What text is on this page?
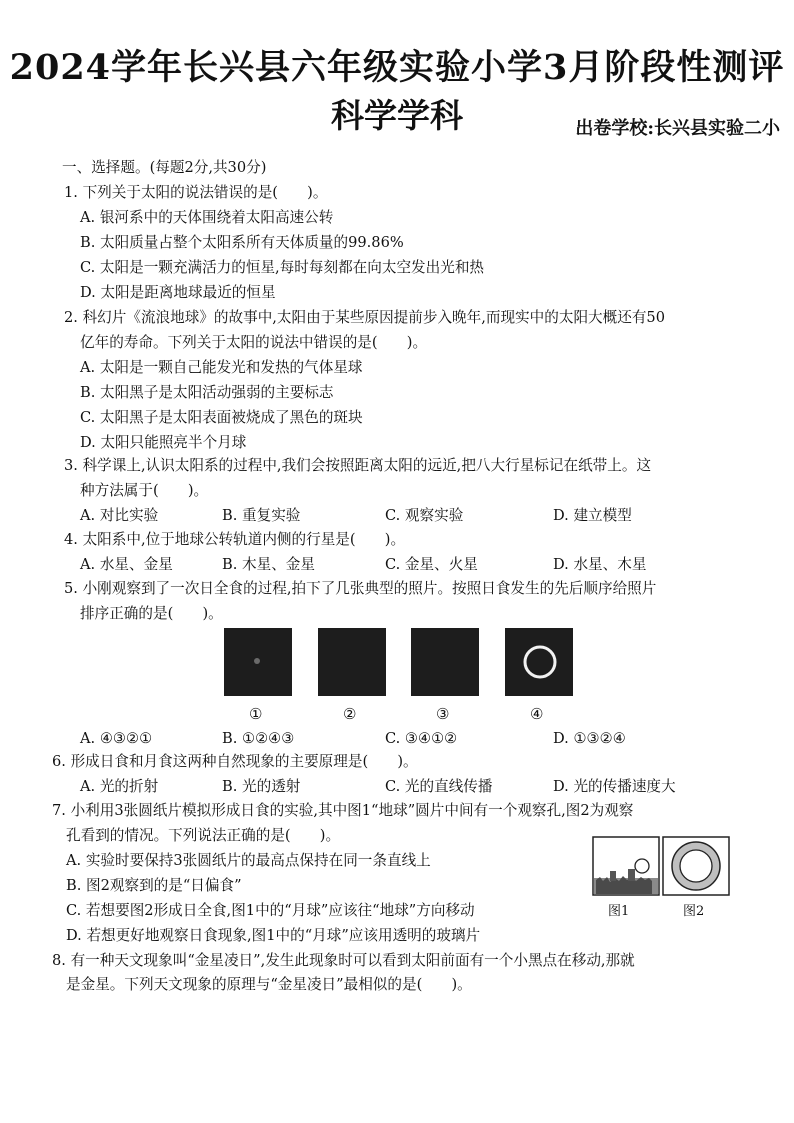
2024学年长兴县六年级实验小学3月阶段性测评
科学学科	出卷学校:长兴县实验二小
一、选择题。(每题2分,共30分)
1. 下列关于太阳的说法错误的是(　　)。
A. 银河系中的天体围绕着太阳高速公转
B. 太阳质量占整个太阳系所有天体质量的99.86%
C. 太阳是一颗充满活力的恒星,每时每刻都在向太空发出光和热
D. 太阳是距离地球最近的恒星
2. 科幻片《流浪地球》的故事中,太阳由于某些原因提前步入晚年,而现实中的太阳大概还有50
亿年的寿命。下列关于太阳的说法中错误的是(　　)。
A. 太阳是一颗自己能发光和发热的气体星球
B. 太阳黑子是太阳活动强弱的主要标志
C. 太阳黑子是太阳表面被烧成了黑色的斑块
D. 太阳只能照亮半个月球
3. 科学课上,认识太阳系的过程中,我们会按照距离太阳的远近,把八大行星标记在纸带上。这
种方法属于(　　)。
A. 对比实验	B. 重复实验	C. 观察实验	D. 建立模型
4. 太阳系中,位于地球公转轨道内侧的行星是(　　)。
A. 水星、金星	B. 木星、金星	C. 金星、火星	D. 水星、木星
5. 小刚观察到了一次日全食的过程,拍下了几张典型的照片。按照日食发生的先后顺序给照片
排序正确的是(　　)。
①	②	③	④
A. ④③②①	B. ①②④③	C. ③④①②	D. ①③②④
6. 形成日食和月食这两种自然现象的主要原理是(　　)。
A. 光的折射	B. 光的透射	C. 光的直线传播	D. 光的传播速度大
7. 小利用3张圆纸片模拟形成日食的实验,其中图1“地球”圆片中间有一个观察孔,图2为观察
孔看到的情况。下列说法正确的是(　　)。
A. 实验时要保持3张圆纸片的最高点保持在同一条直线上
B. 图2观察到的是“日偏食”
C. 若想要图2形成日全食,图1中的“月球”应该往“地球”方向移动
D. 若想更好地观察日食现象,图1中的“月球”应该用透明的玻璃片
图1	图2
8. 有一种天文现象叫“金星凌日”,发生此现象时可以看到太阳前面有一个小黑点在移动,那就
是金星。下列天文现象的原理与“金星凌日”最相似的是(　　)。
